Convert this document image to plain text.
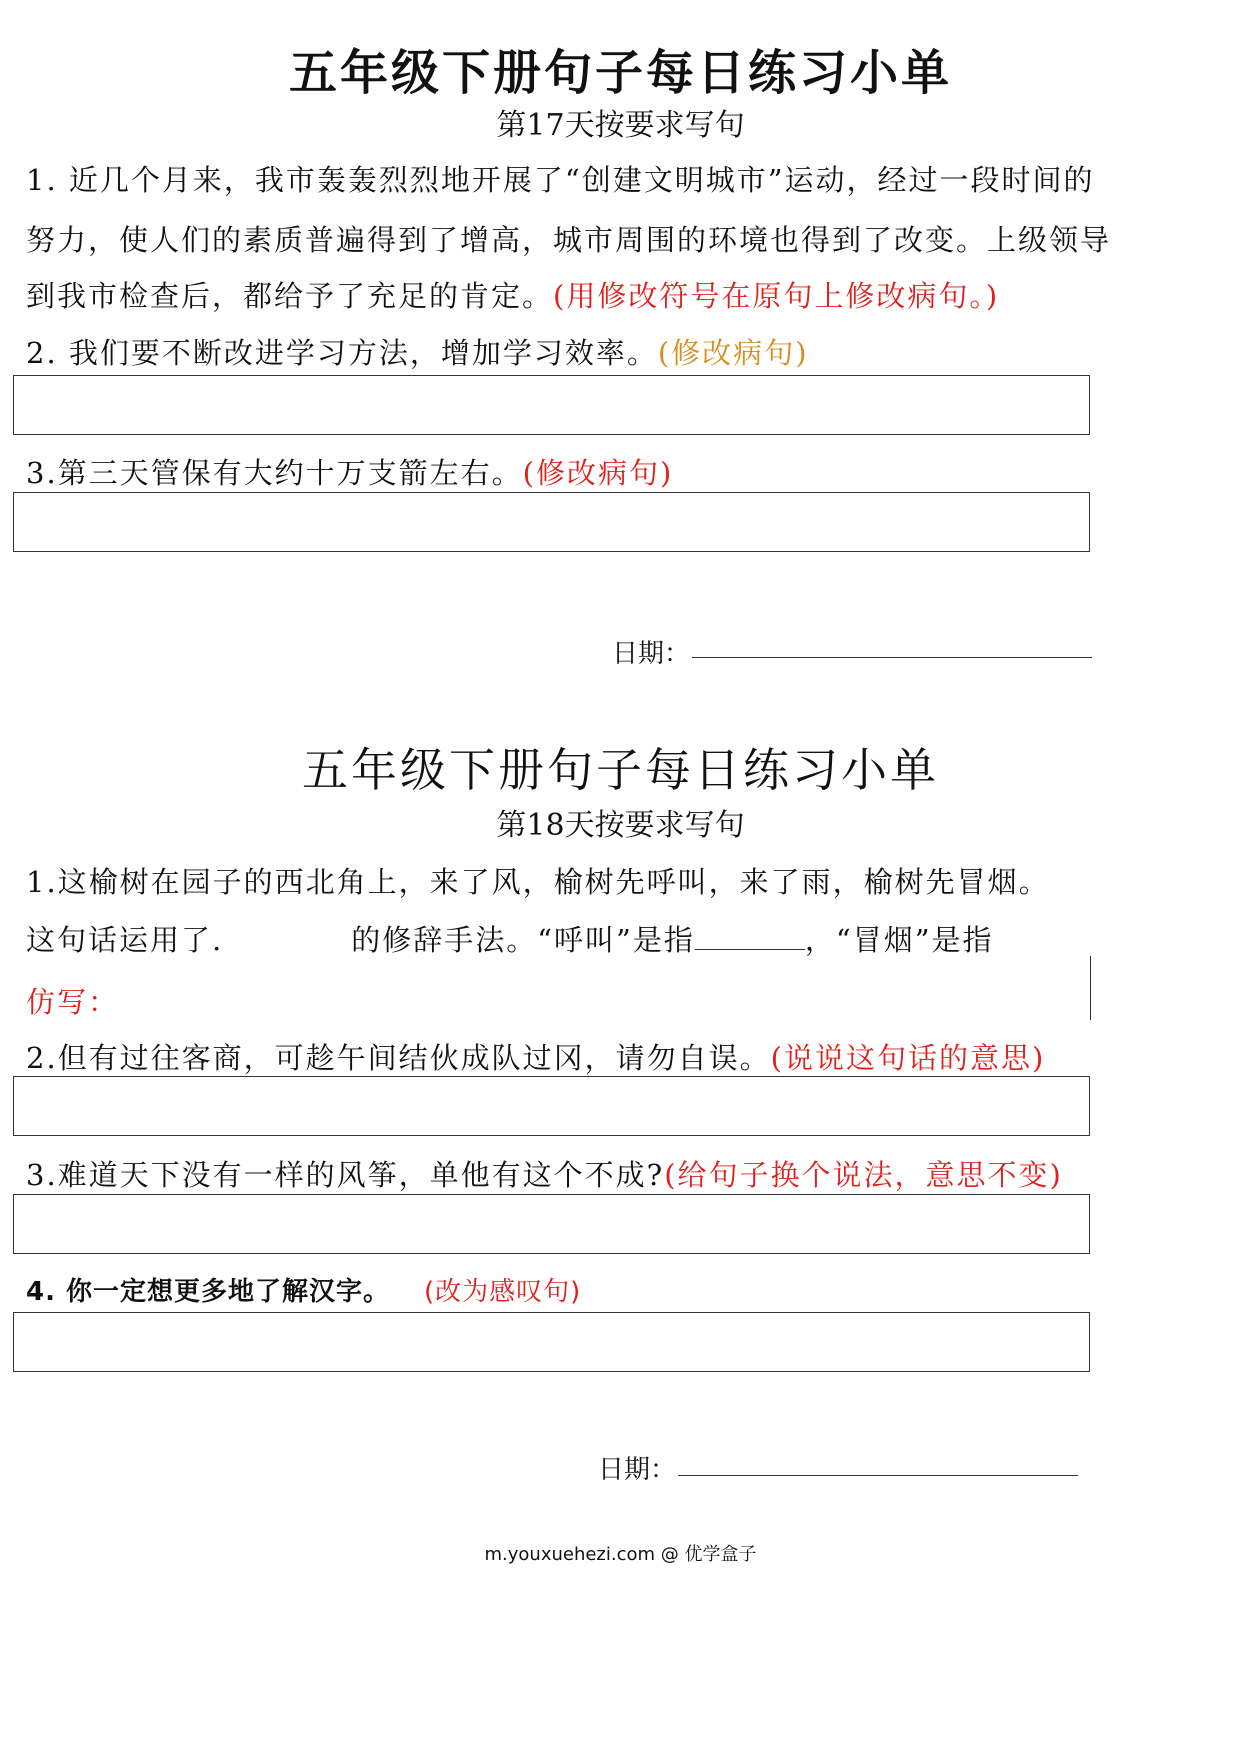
五年级下册句子每日练习小单
第17天按要求写句
1. 近几个月来，我市轰轰烈烈地开展了“创建文明城市”运动，经过一段时间的
努力，使人们的素质普遍得到了增高，城市周围的环境也得到了改变。上级领导
到我市检查后，都给予了充足的肯定。(用修改符号在原句上修改病句。)
2. 我们要不断改进学习方法，增加学习效率。(修改病句)
3.第三天管保有大约十万支箭左右。(修改病句)
日期：
五年级下册句子每日练习小单
第18天按要求写句
1.这榆树在园子的西北角上，来了风，榆树先呼叫，来了雨，榆树先冒烟。
这句话运用了.	的修辞手法。“呼叫”是指	，“冒烟”是指
仿写：
2.但有过往客商，可趁午间结伙成队过冈，请勿自误。(说说这句话的意思)
3.难道天下没有一样的风筝，单他有这个不成?(给句子换个说法，意思不变)
4. 你一定想更多地了解汉字。 (改为感叹句)
日期：
m.youxuehezi.com @ 优学盒子
